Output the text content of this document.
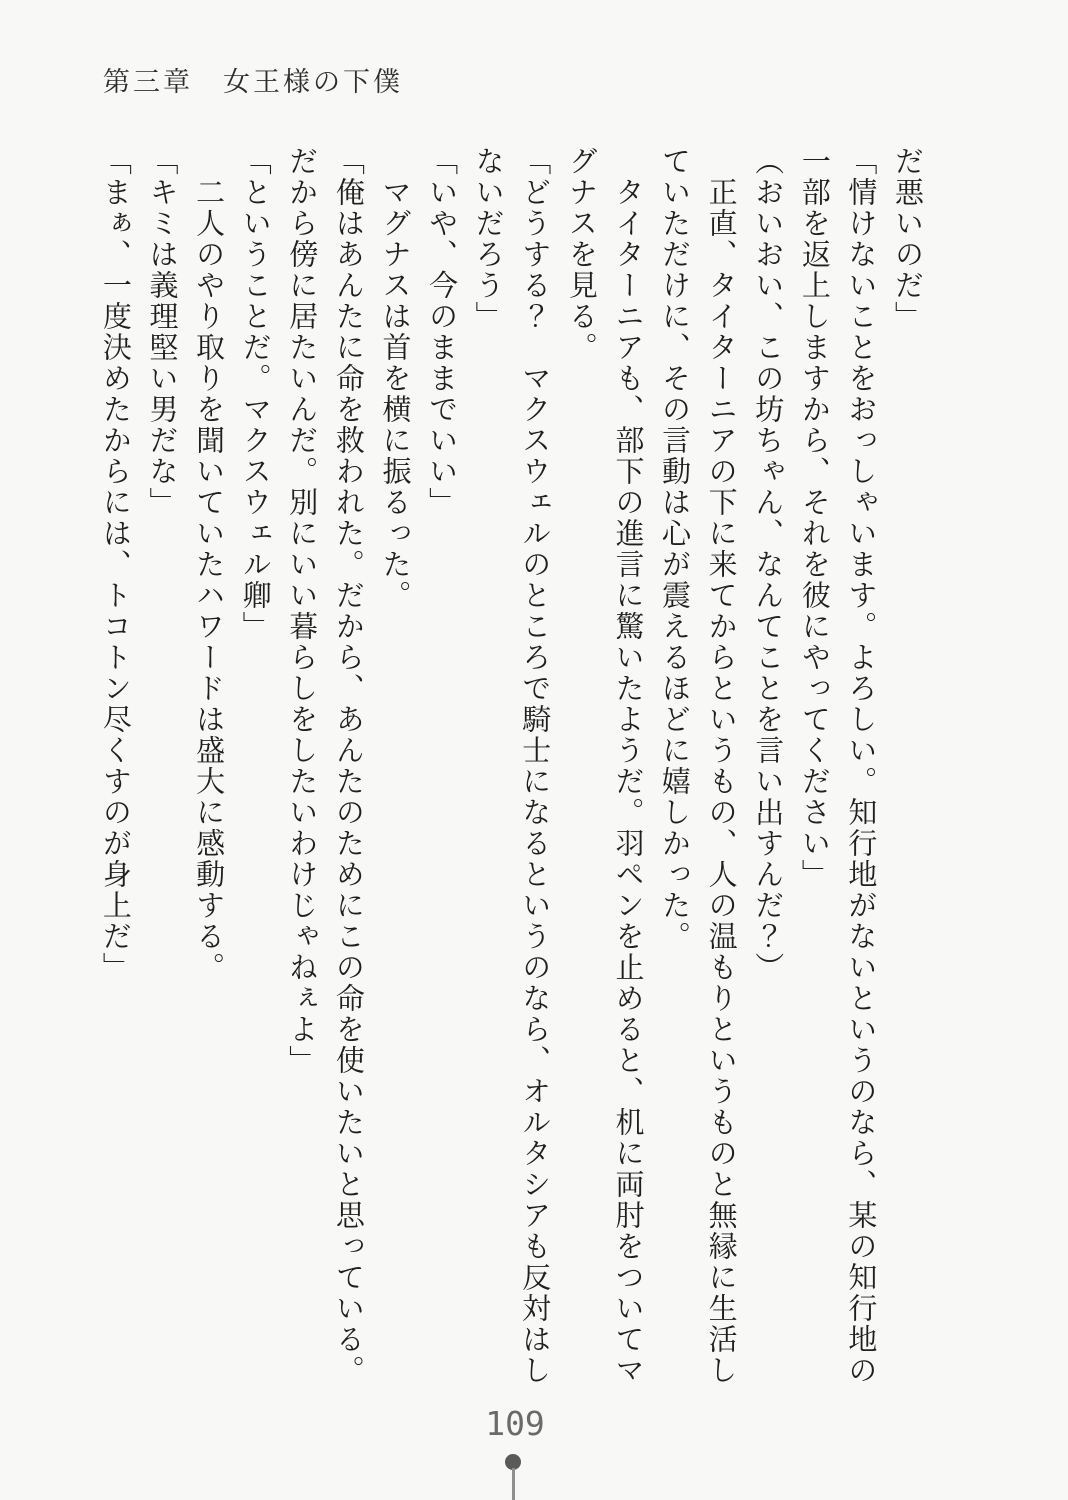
第三章　女王様の下僕
だ悪いのだ」
「情けないことをおっしゃいます。よろしい。知行地がないというのなら、某の知行地の
一部を返上しますから、それを彼にやってください」
（おいおい、この坊ちゃん、なんてことを言い出すんだ？）
正直、タイターニアの下に来てからというもの、人の温もりというものと無縁に生活し
ていただけに、その言動は心が震えるほどに嬉しかった。
タイターニアも、部下の進言に驚いたようだ。羽ペンを止めると、机に両肘をついてマ
グナスを見る。
「どうする？　マクスウェルのところで騎士になるというのなら、オルタシアも反対はし
ないだろう」
「いや、今のままでいい」
マグナスは首を横に振るった。
「俺はあんたに命を救われた。だから、あんたのためにこの命を使いたいと思っている。
だから傍に居たいんだ。別にいい暮らしをしたいわけじゃねぇよ」
「ということだ。マクスウェル卿」
二人のやり取りを聞いていたハワードは盛大に感動する。
「キミは義理堅い男だな」
「まぁ、一度決めたからには、トコトン尽くすのが身上だ」
109
